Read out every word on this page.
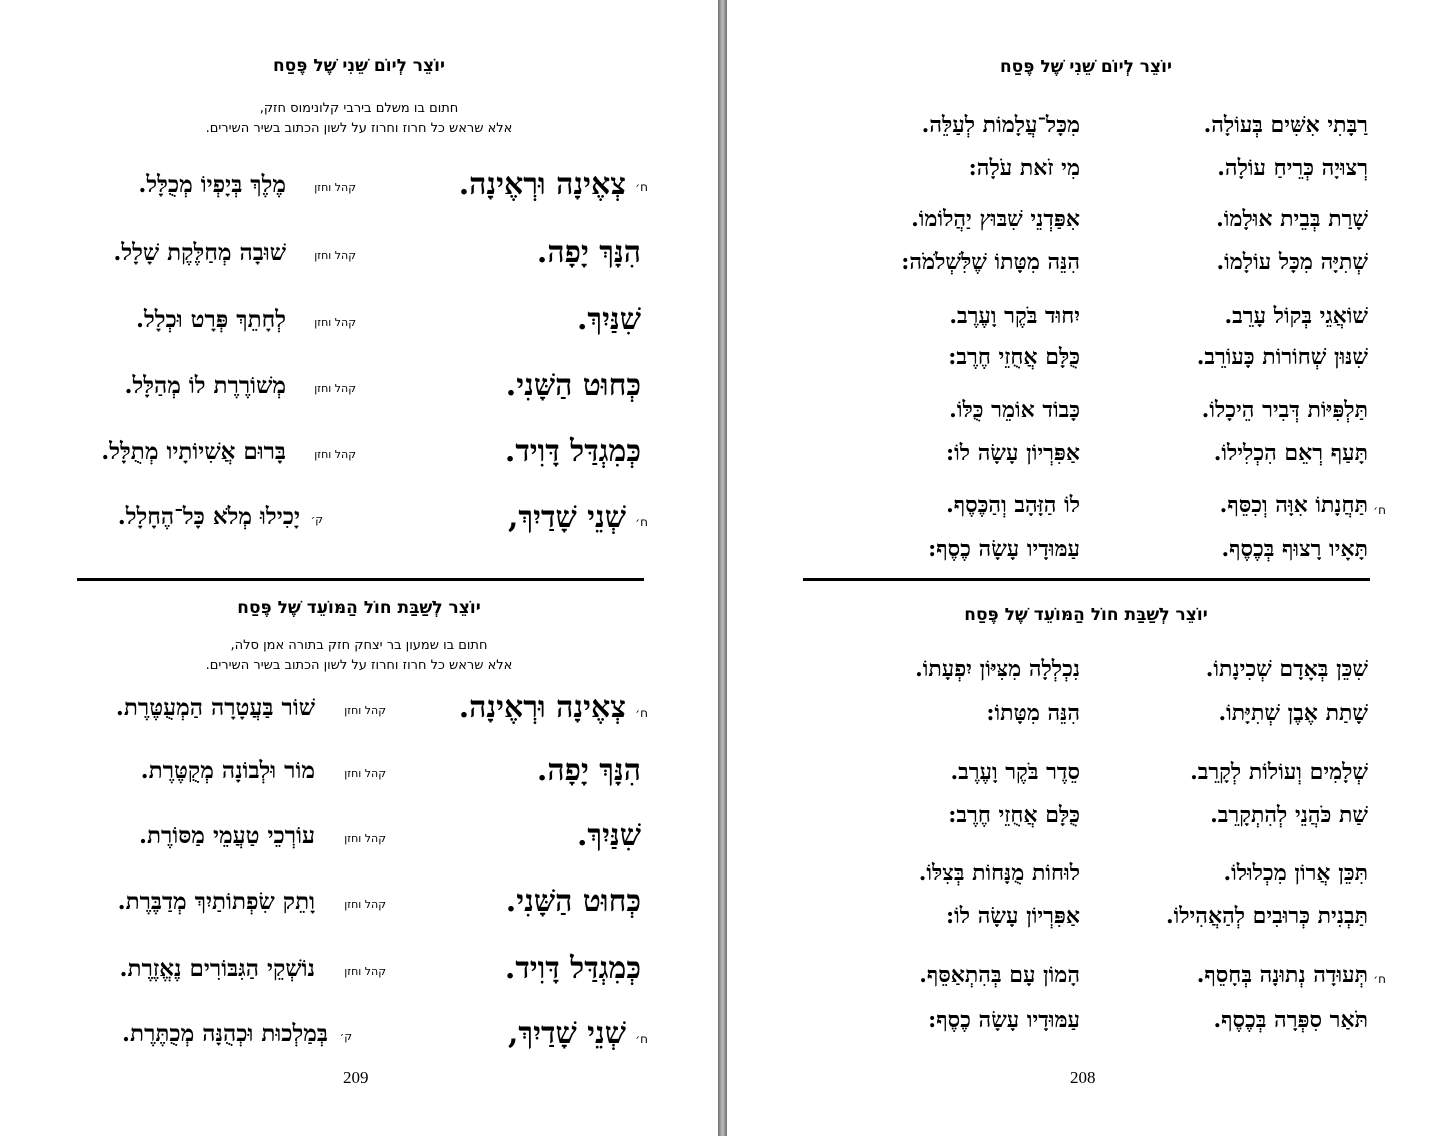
יוֹצֵר לְיוֹם שֵׁנִי שֶׁל פֶּסַח
חתום בו משלם בירבי קלונימוס חזק,
אלא שראש כל חרוז וחרוז על לשון הכתוב בשיר השירים.
ח׳
צְאֶינָה וּרְאֶינָה.
קהל וחזן
מֶלֶךְ בְּיָפְיוֹ מְכֻלָּל.
הִנָּךְ יָפָה.
קהל וחזן
שׁוּבָה מְחַלֶּקֶת שָׁלָל.
שִׁנַּיִךְ.
קהל וחזן
לְחָתֵךְ פְּרָט וּכְלָל.
כְּחוּט הַשָּׁנִי.
קהל וחזן
מְשׁוֹרֶרֶת לוֹ מְהַלָּל.
כְּמִגְדַּל דָּוִיד.
קהל וחזן
בָּרוּם אֲשִׁיוֹתָיו מְתֻלָּל.
ח׳
שְׁנֵי שָׁדַיִךְ,
ק׳
יָכִילוּ מְלֹא כָּל־הֶחָלָל.
יוֹצֵר לְשַׁבַּת חוֹל הַמּוֹעֵד שֶׁל פֶּסַח
חתום בו שמעון בר יצחק חזק בתורה אמן סלה,
אלא שראש כל חרוז וחרוז על לשון הכתוב בשיר השירים.
ח׳
צְאֶינָה וּרְאֶינָה.
קהל וחזן
שׁוֹר בַּעֲטָרָה הַמְעֻטֶּרֶת.
הִנָּךְ יָפָה.
קהל וחזן
מוֹר וּלְבוֹנָה מְקֻטֶּרֶת.
שִׁנַּיִךְ.
קהל וחזן
עוֹרְכֵי טַעֲמֵי מַסּוֹרֶת.
כְּחוּט הַשָּׁנִי.
קהל וחזן
וָתֵק שִׂפְתוֹתַיִךְ מְדַבֶּרֶת.
כְּמִגְדַּל דָּוִיד.
קהל וחזן
נוֹשְׁקֵי הַגִּבּוֹרִים נֶאֱזֶרֶת.
ח׳
שְׁנֵי שָׁדַיִךְ,
ק׳
בְּמַלְכוּת וּכְהֻנָּה מְכֻתֶּרֶת.
209
יוֹצֵר לְיוֹם שֵׁנִי שֶׁל פֶּסַח
רַבָּתִי אִשִּׁים בְּעוֹלָה.
מִכָּל־עֲלָמוֹת לְעַלֵּה.
רְצוּיָה כְּרֵיחַ עוֹלָה.
מִי זֹאת עֹלָה:
שָׁרַת בְּבֵית אוּלָמוֹ.
אִפַּדְנֵי שִׁבּוּץ יַהֲלוֹמוֹ.
שְׁתִיָּה מִכָּל עוֹלָמוֹ.
הִנֵּה מִטָּתוֹ שֶׁלִּשְׁלֹמֹה:
שׁוֹאֲגֵי בְּקוֹל עָרֵב.
יִחוּד בֹּקֶר וָעֶרֶב.
שִׁנּוּן שְׁחוֹרוֹת כָּעוֹרֵב.
כֻּלָּם אֲחֻזֵי חֶרֶב:
תַּלְפִּיּוֹת דְּבִיר הֵיכָלוֹ.
כָּבוֹד אוֹמֵר כֻּלּוֹ.
תָּעַף רְאֵם הִכְלִילוֹ.
אַפִּרְיוֹן עָשָׂה לוֹ:
ח׳
תַּחֲנָתוֹ אִוָּה וְכִסֵּף.
לוֹ הַזָּהָב וְהַכֶּסֶף.
תָּאָיו רָצוּף בְּכֶסֶף.
עַמּוּדָיו עָשָׂה כֶסֶף:
יוֹצֵר לְשַׁבַּת חוֹל הַמּוֹעֵד שֶׁל פֶּסַח
שִׁכֵּן בְּאָדָם שְׁכִינָתוֹ.
נִכְלְלָה מִצִּיּוֹן יִפְעָתוֹ.
שָׁתַת אֶבֶן שְׁתִיָּתוֹ.
הִנֵּה מִטָּתוֹ:
שְׁלָמִים וְעוֹלוֹת לְקָרֵב.
סֵדֶר בֹּקֶר וָעֶרֶב.
שַׁת כֹּהֲנֵי לְהִתְקָרֵב.
כֻּלָּם אֲחֻזֵי חֶרֶב:
תִּכֵּן אֲרוֹן מִכְלוּלוֹ.
לוּחוֹת מֻנָּחוֹת בְּצִלּוֹ.
תַּבְנִית כְּרוּבִים לְהַאֲהִילוֹ.
אַפִּרְיוֹן עָשָׂה לוֹ:
ח׳
תְּעוּדָה נְתוּנָה בְּחָסֵף.
הָמוֹן עָם בְּהִתְאַסֵּף.
תֹּאַר סִפְּרָה בְּכֶסֶף.
עַמּוּדָיו עָשָׂה כֶסֶף:
208
